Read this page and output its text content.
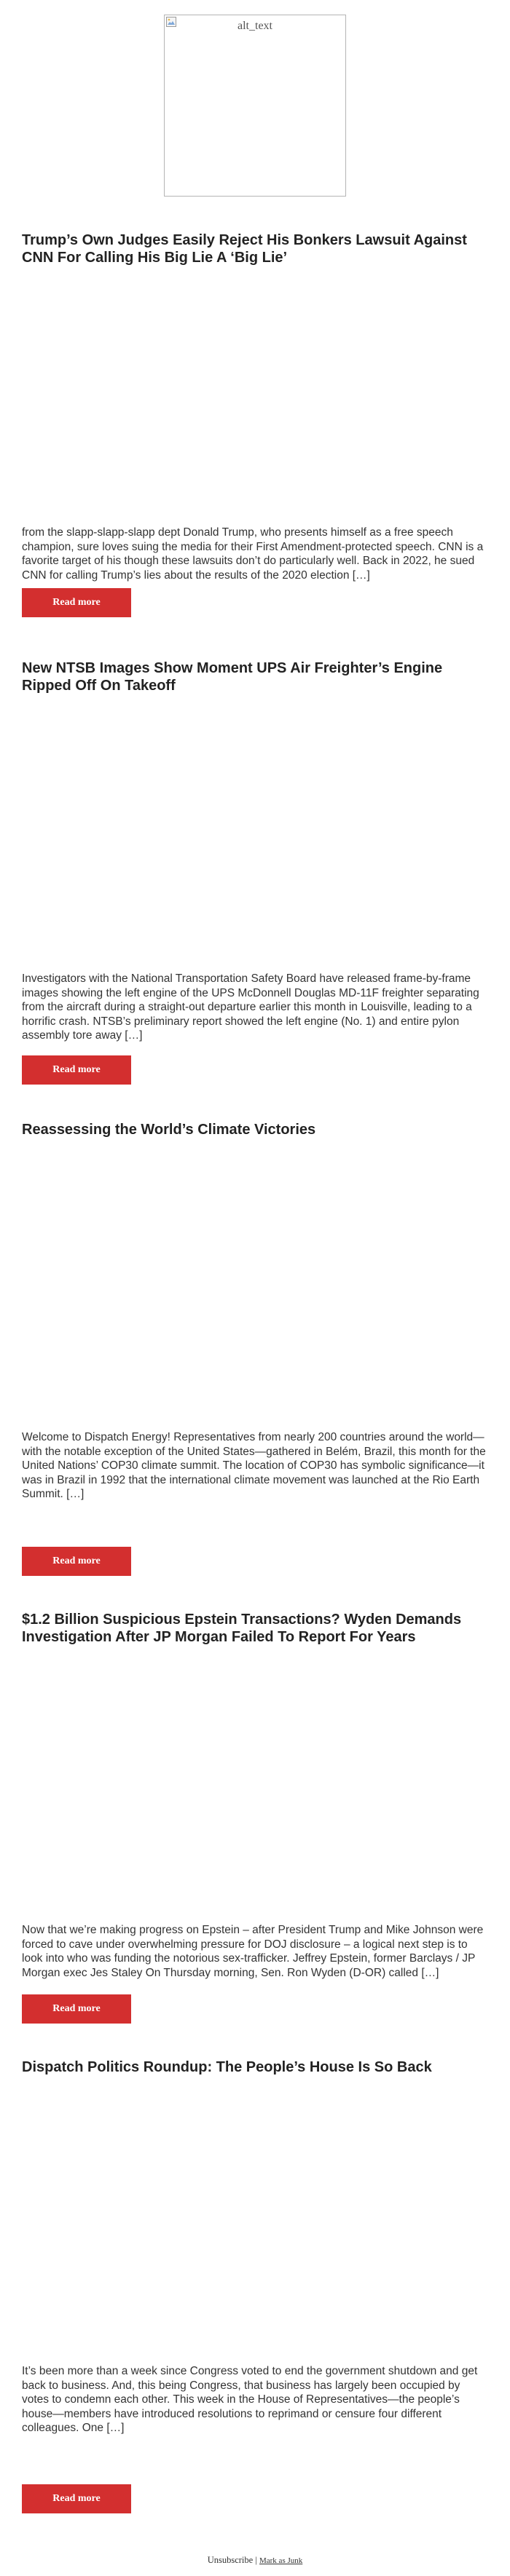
alt_text
Trump’s Own Judges Easily Reject His Bonkers Lawsuit Against CNN For Calling His Big Lie A ‘Big Lie’

from the slapp-slapp-slapp dept Donald Trump, who presents himself as a free speech champion, sure loves suing the media for their First Amendment-protected speech. CNN is a favorite target of his though these lawsuits don’t do particularly well. Back in 2022, he sued CNN for calling Trump’s lies about the results of the 2020 election […]

Read more
New NTSB Images Show Moment UPS Air Freighter’s Engine Ripped Off On Takeoff

Investigators with the National Transportation Safety Board have released frame-by-frame images showing the left engine of the UPS McDonnell Douglas MD-11F freighter separating from the aircraft during a straight-out departure earlier this month in Louisville, leading to a horrific crash. NTSB’s preliminary report showed the left engine (No. 1) and entire pylon assembly tore away […]

Read more
Reassessing the World’s Climate Victories

Welcome to Dispatch Energy! Representatives from nearly 200 countries around the world—with the notable exception of the United States—gathered in Belém, Brazil, this month for the United Nations’ COP30 climate summit. The location of COP30 has symbolic significance—it was in Brazil in 1992 that the international climate movement was launched at the Rio Earth Summit. […]

Read more
$1.2 Billion Suspicious Epstein Transactions? Wyden Demands Investigation After JP Morgan Failed To Report For Years

Now that we’re making progress on Epstein – after President Trump and Mike Johnson were forced to cave under overwhelming pressure for DOJ disclosure – a logical next step is to look into who was funding the notorious sex-trafficker. Jeffrey Epstein, former Barclays / JP Morgan exec Jes Staley On Thursday morning, Sen. Ron Wyden (D-OR) called […]

Read more
Dispatch Politics Roundup: The People’s House Is So Back

It’s been more than a week since Congress voted to end the government shutdown and get back to business. And, this being Congress, that business has largely been occupied by votes to condemn each other. This week in the House of Representatives—the people’s house—members have introduced resolutions to reprimand or censure four different colleagues. One […]

Read more
Unsubscribe | Mark as Junk
